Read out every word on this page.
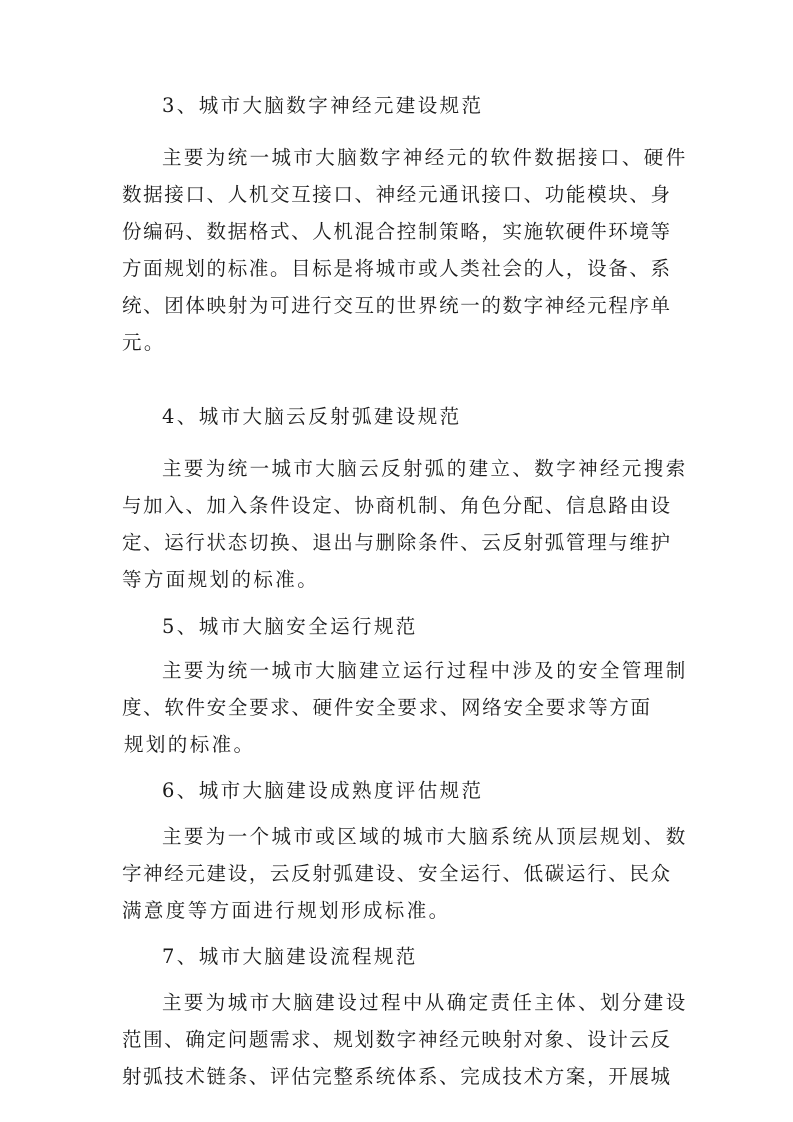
3、城市大脑数字神经元建设规范
主要为统一城市大脑数字神经元的软件数据接口、硬件
数据接口、人机交互接口、神经元通讯接口、功能模块、身
份编码、数据格式、人机混合控制策略，实施软硬件环境等
方面规划的标准。目标是将城市或人类社会的人，设备、系
统、团体映射为可进行交互的世界统一的数字神经元程序单
元。
4、城市大脑云反射弧建设规范
主要为统一城市大脑云反射弧的建立、数字神经元搜索
与加入、加入条件设定、协商机制、角色分配、信息路由设
定、运行状态切换、退出与删除条件、云反射弧管理与维护
等方面规划的标准。
5、城市大脑安全运行规范
主要为统一城市大脑建立运行过程中涉及的安全管理制
度、软件安全要求、硬件安全要求、网络安全要求等方面
规划的标准。
6、城市大脑建设成熟度评估规范
主要为一个城市或区域的城市大脑系统从顶层规划、数
字神经元建设，云反射弧建设、安全运行、低碳运行、民众
满意度等方面进行规划形成标准。
7、城市大脑建设流程规范
主要为城市大脑建设过程中从确定责任主体、划分建设
范围、确定问题需求、规划数字神经元映射对象、设计云反
射弧技术链条、评估完整系统体系、完成技术方案，开展城
